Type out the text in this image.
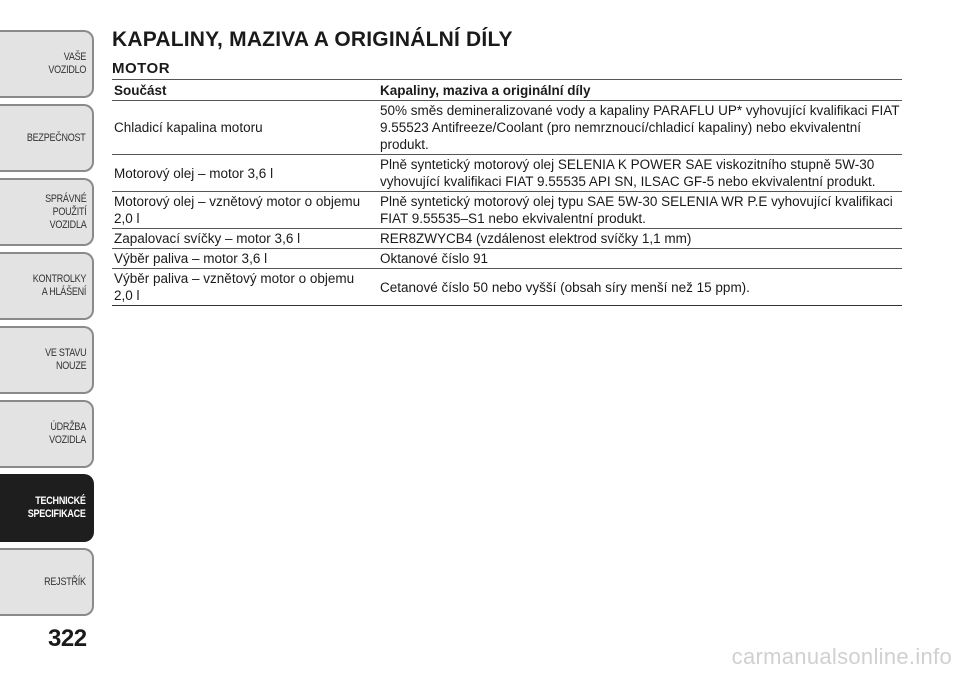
VAŠE
VOZIDLO
BEZPEČNOST
SPRÁVNÉ
POUŽITÍ
VOZIDLA
KONTROLKY
A HLÁŠENÍ
VE STAVU
NOUZE
ÚDRŽBA
VOZIDLA
TECHNICKÉ
SPECIFIKACE
REJSTŘÍK
322
KAPALINY, MAZIVA A ORIGINÁLNÍ DÍLY
MOTOR
Součást	Kapaliny, maziva a originální díly
Chladicí kapalina motoru	50% směs demineralizované vody a kapaliny PARAFLU UP* vyhovující kvalifikaci FIAT 9.55523 Antifreeze/Coolant (pro nemrznoucí/chladicí kapaliny) nebo ekvivalentní produkt.
Motorový olej – motor 3,6 l	Plně syntetický motorový olej SELENIA K POWER SAE viskozitního stupně 5W-30 vyhovující kvalifikaci FIAT 9.55535 API SN, ILSAC GF-5 nebo ekvivalentní produkt.
Motorový olej – vznětový motor o objemu 2,0 l	Plně syntetický motorový olej typu SAE 5W-30 SELENIA WR P.E vyhovující kvalifikaci FIAT 9.55535–S1 nebo ekvivalentní produkt.
Zapalovací svíčky – motor 3,6 l	RER8ZWYCB4 (vzdálenost elektrod svíčky 1,1 mm)
Výběr paliva – motor 3,6 l	Oktanové číslo 91
Výběr paliva – vznětový motor o objemu 2,0 l	Cetanové číslo 50 nebo vyšší (obsah síry menší než 15 ppm).
carmanualsonline.info
